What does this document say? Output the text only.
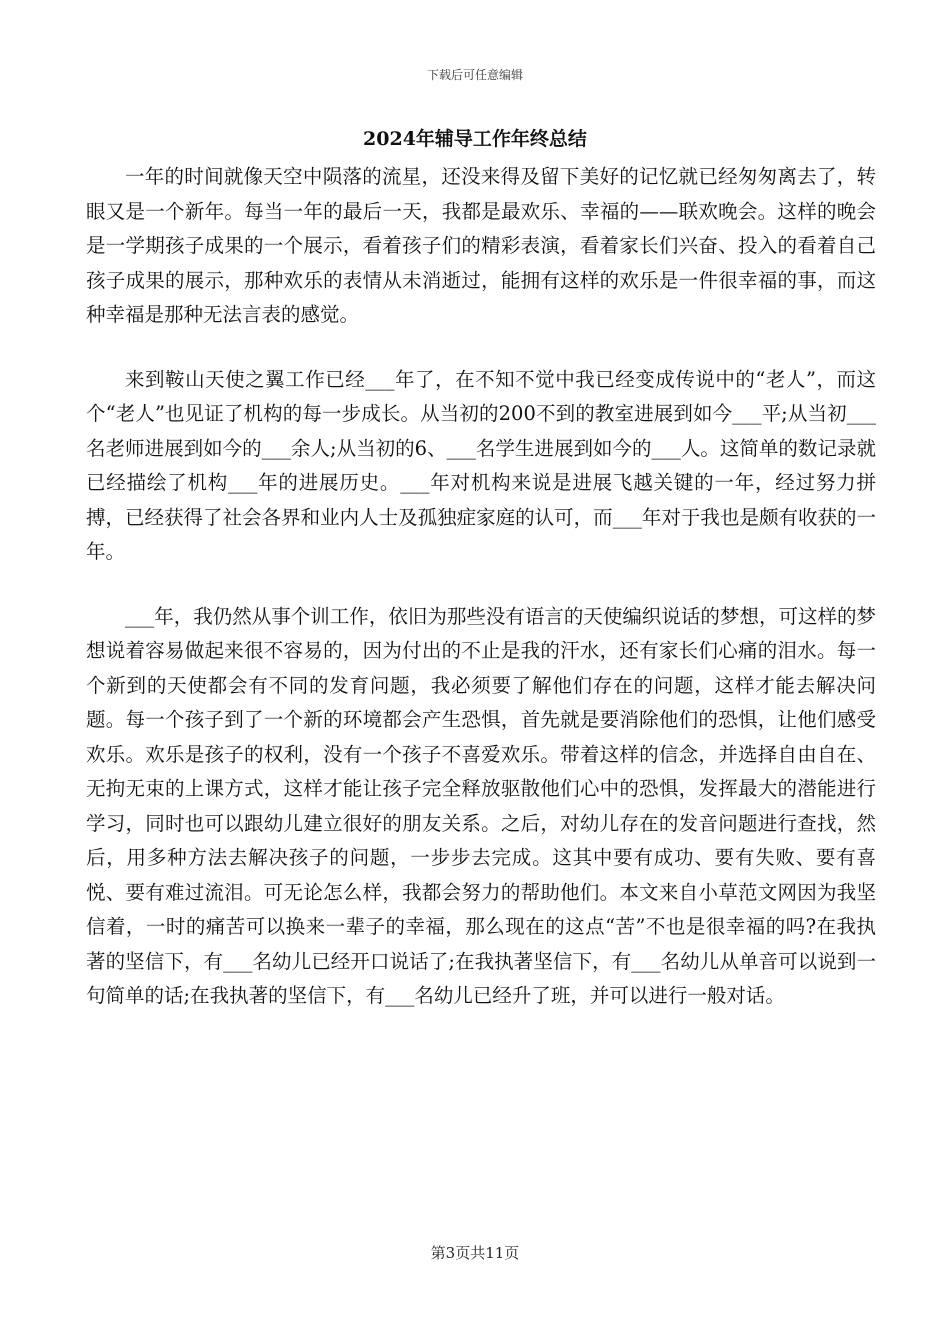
下载后可任意编辑
2024年辅导工作年终总结

一年的时间就像天空中陨落的流星，还没来得及留下美好的记忆就已经匆匆离去了，转眼又是一个新年。每当一年的最后一天，我都是最欢乐、幸福的——联欢晚会。这样的晚会是一学期孩子成果的一个展示，看着孩子们的精彩表演，看着家长们兴奋、投入的看着自己孩子成果的展示，那种欢乐的表情从未消逝过，能拥有这样的欢乐是一件很幸福的事，而这种幸福是那种无法言表的感觉。

来到鞍山天使之翼工作已经___年了，在不知不觉中我已经变成传说中的“老人”，而这个“老人”也见证了机构的每一步成长。从当初的200不到的教室进展到如今___平;从当初___名老师进展到如今的___余人;从当初的6、___名学生进展到如今的___人。这简单的数记录就已经描绘了机构___年的进展历史。___年对机构来说是进展飞越关键的一年，经过努力拼搏，已经获得了社会各界和业内人士及孤独症家庭的认可，而___年对于我也是颇有收获的一年。

___年，我仍然从事个训工作，依旧为那些没有语言的天使编织说话的梦想，可这样的梦想说着容易做起来很不容易的，因为付出的不止是我的汗水，还有家长们心痛的泪水。每一个新到的天使都会有不同的发育问题，我必须要了解他们存在的问题，这样才能去解决问题。每一个孩子到了一个新的环境都会产生恐惧，首先就是要消除他们的恐惧，让他们感受欢乐。欢乐是孩子的权利，没有一个孩子不喜爱欢乐。带着这样的信念，并选择自由自在、无拘无束的上课方式，这样才能让孩子完全释放驱散他们心中的恐惧，发挥最大的潜能进行学习，同时也可以跟幼儿建立很好的朋友关系。之后，对幼儿存在的发音问题进行查找，然后，用多种方法去解决孩子的问题，一步步去完成。这其中要有成功、要有失败、要有喜悦、要有难过流泪。可无论怎么样，我都会努力的帮助他们。本文来自小草范文网因为我坚信着，一时的痛苦可以换来一辈子的幸福，那么现在的这点“苦”不也是很幸福的吗?在我执著的坚信下，有___名幼儿已经开口说话了;在我执著坚信下，有___名幼儿从单音可以说到一句简单的话;在我执著的坚信下，有___名幼儿已经升了班，并可以进行一般对话。

第3页共11页
